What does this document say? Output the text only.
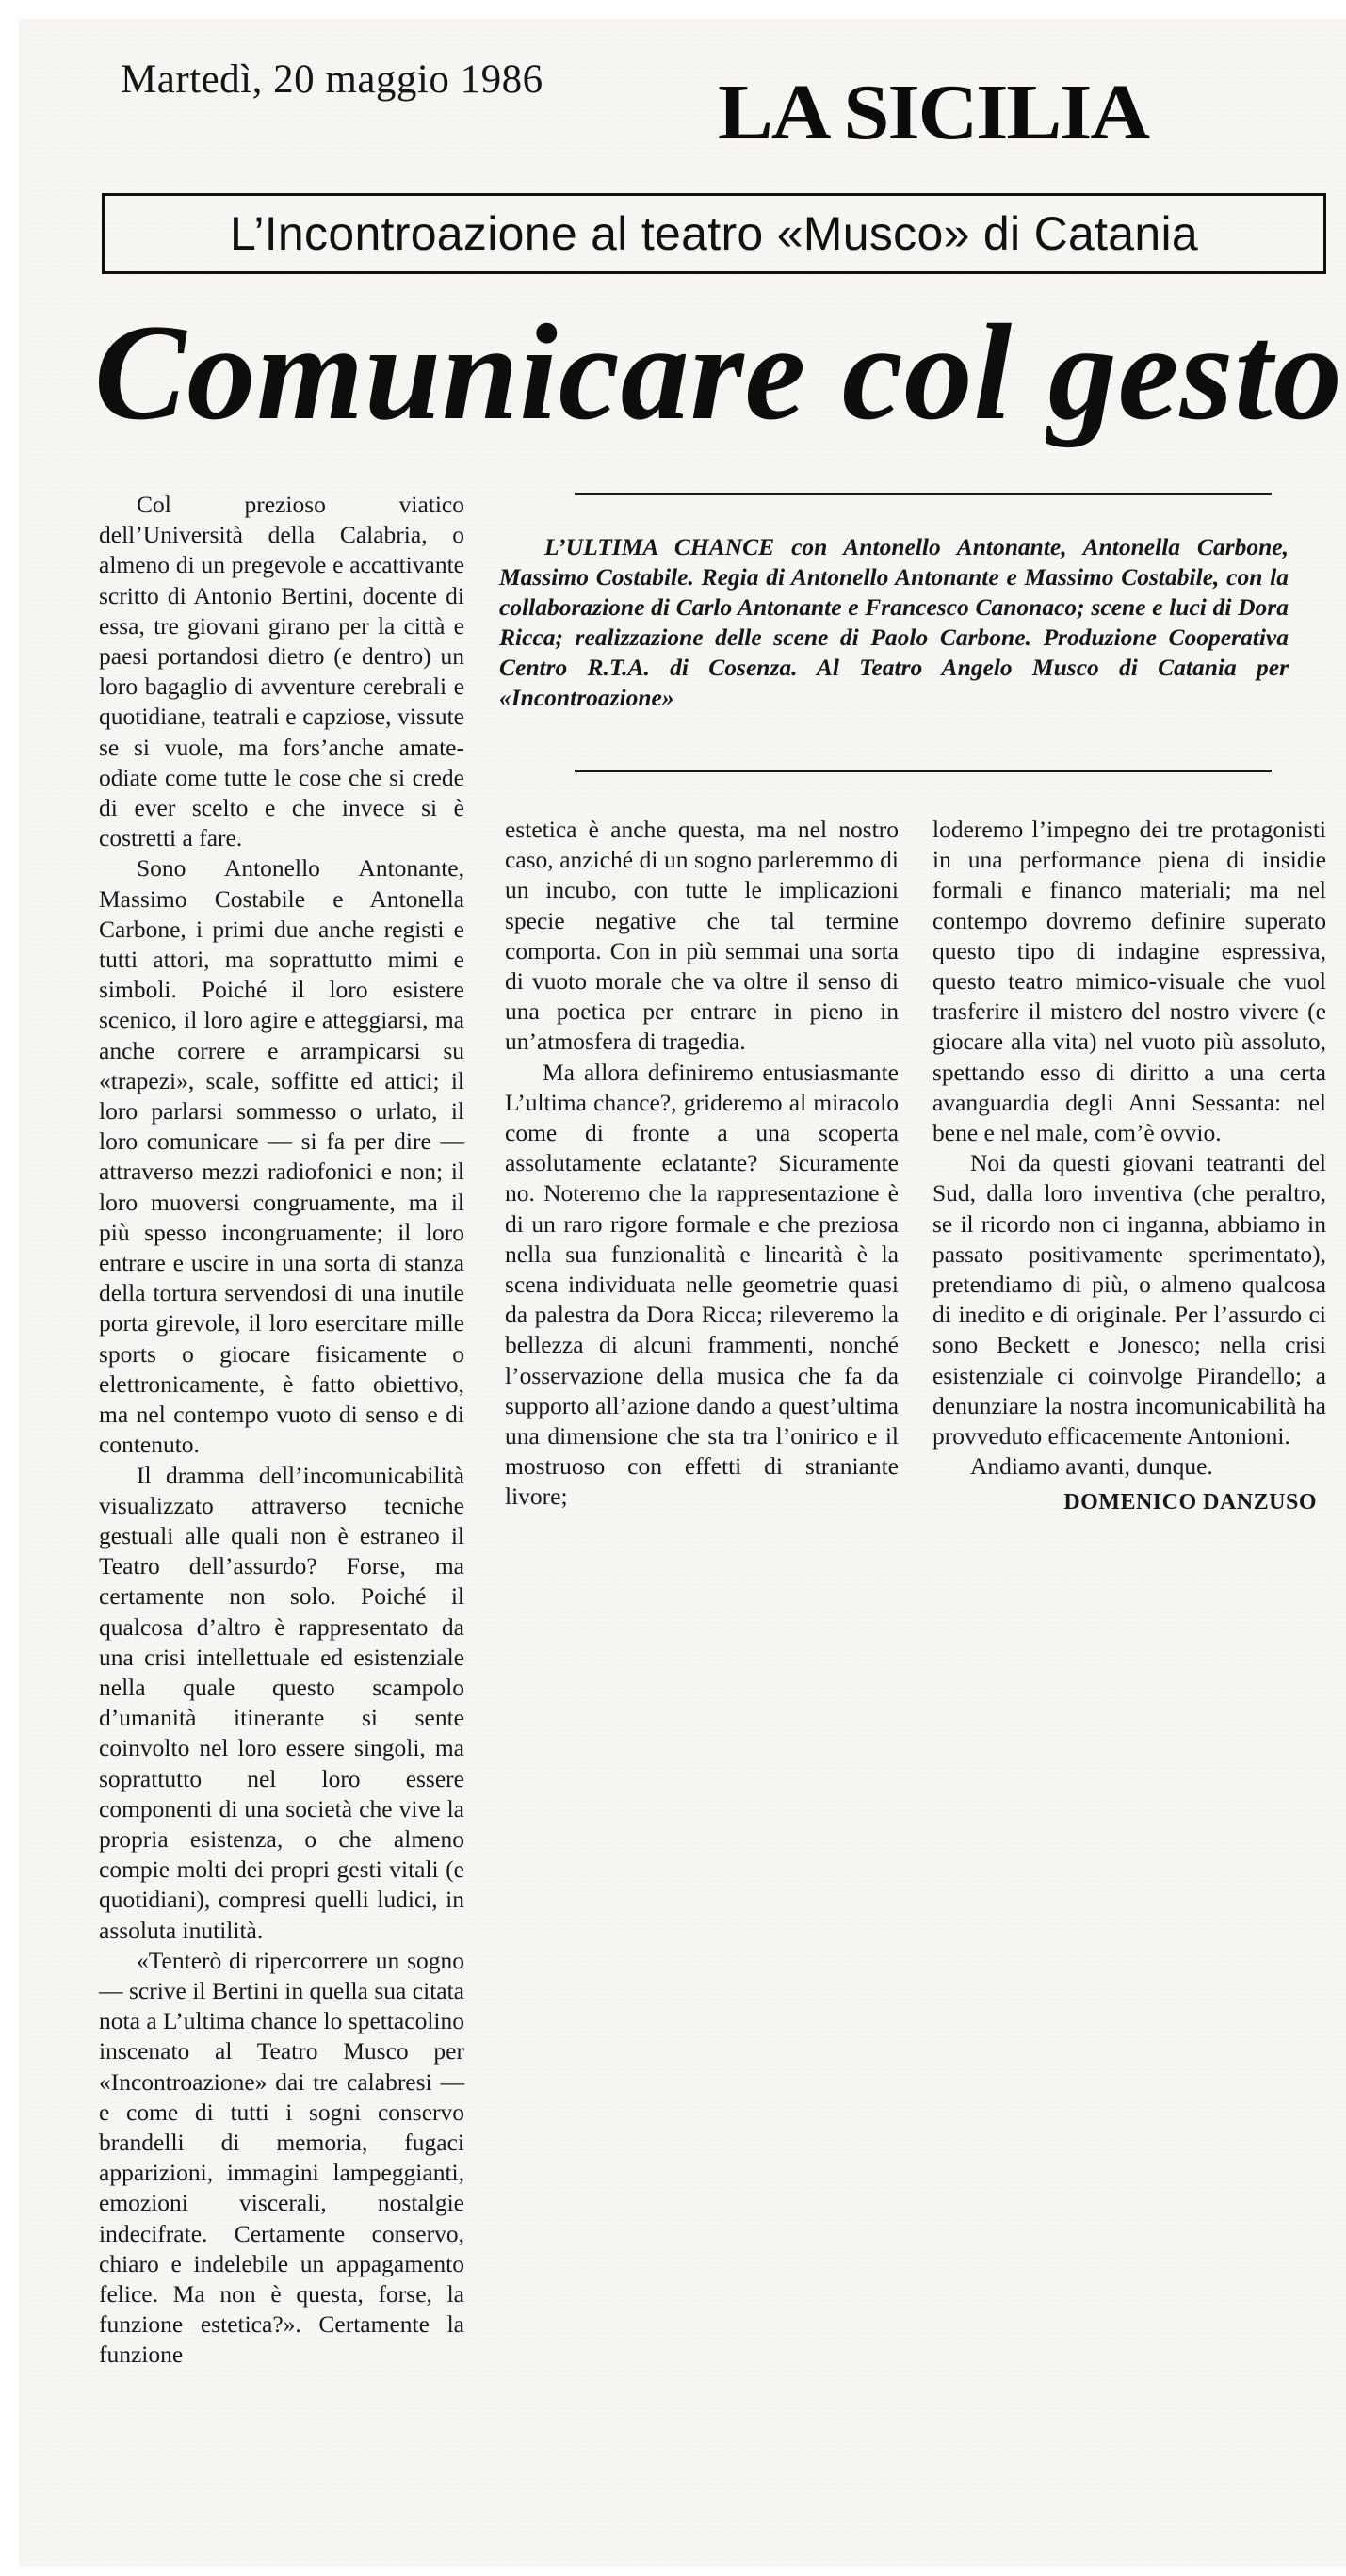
Martedì, 20 maggio 1986	LA SICILIA
L’Incontroazione al teatro «Musco» di Catania
Comunicare col gesto
L’ULTIMA CHANCE con Antonello Antonante, Antonella Carbone, Massimo Costabile. Regia di Antonello Antonante e Massimo Costabile, con la collaborazione di Carlo Antonante e Francesco Canonaco; scene e luci di Dora Ricca; realizzazione delle scene di Paolo Carbone. Produzione Cooperativa Centro R.T.A. di Cosenza. Al Teatro Angelo Musco di Catania per «Incontroazione»

Col prezioso viatico dell’Università della Calabria, o almeno di un pregevole e accattivante scritto di Antonio Bertini, docente di essa, tre giovani girano per la città e paesi portandosi dietro (e dentro) un loro bagaglio di avventure cerebrali e quotidiane, teatrali e capziose, vissute se si vuole, ma fors’anche amate-odiate come tutte le cose che si crede di ever scelto e che invece si è costretti a fare.

Sono Antonello Antonante, Massimo Costabile e Antonella Carbone, i primi due anche registi e tutti attori, ma soprattutto mimi e simboli. Poiché il loro esistere scenico, il loro agire e atteggiarsi, ma anche correre e arrampicarsi su «trapezi», scale, soffitte ed attici; il loro parlarsi sommesso o urlato, il loro comunicare — si fa per dire — attraverso mezzi radiofonici e non; il loro muoversi congruamente, ma il più spesso incongruamente; il loro entrare e uscire in una sorta di stanza della tortura servendosi di una inutile porta girevole, il loro esercitare mille sports o giocare fisicamente o elettronicamente, è fatto obiettivo, ma nel contempo vuoto di senso e di contenuto.

Il dramma dell’incomunicabilità visualizzato attraverso tecniche gestuali alle quali non è estraneo il Teatro dell’assurdo? Forse, ma certamente non solo. Poiché il qualcosa d’altro è rappresentato da una crisi intellettuale ed esistenziale nella quale questo scampolo d’umanità itinerante si sente coinvolto nel loro essere singoli, ma soprattutto nel loro essere componenti di una società che vive la propria esistenza, o che almeno compie molti dei propri gesti vitali (e quotidiani), compresi quelli ludici, in assoluta inutilità.

«Tenterò di ripercorrere un sogno — scrive il Bertini in quella sua citata nota a L’ultima chance lo spettacolino inscenato al Teatro Musco per «Incontroazione» dai tre calabresi — e come di tutti i sogni conservo brandelli di memoria, fugaci apparizioni, immagini lampeggianti, emozioni viscerali, nostalgie indecifrate. Certamente conservo, chiaro e indelebile un appagamento felice. Ma non è questa, forse, la funzione estetica?». Certamente la funzione

estetica è anche questa, ma nel nostro caso, anziché di un sogno parleremmo di un incubo, con tutte le implicazioni specie negative che tal termine comporta. Con in più semmai una sorta di vuoto morale che va oltre il senso di una poetica per entrare in pieno in un’atmosfera di tragedia.

Ma allora definiremo entusiasmante L’ultima chance?, grideremo al miracolo come di fronte a una scoperta assolutamente eclatante? Sicuramente no. Noteremo che la rappresentazione è di un raro rigore formale e che preziosa nella sua funzionalità e linearità è la scena individuata nelle geometrie quasi da palestra da Dora Ricca; rileveremo la bellezza di alcuni frammenti, nonché l’osservazione della musica che fa da supporto all’azione dando a quest’ultima una dimensione che sta tra l’onirico e il mostruoso con effetti di straniante livore;

loderemo l’impegno dei tre protagonisti in una performance piena di insidie formali e financo materiali; ma nel contempo dovremo definire superato questo tipo di indagine espressiva, questo teatro mimico-visuale che vuol trasferire il mistero del nostro vivere (e giocare alla vita) nel vuoto più assoluto, spettando esso di diritto a una certa avanguardia degli Anni Sessanta: nel bene e nel male, com’è ovvio.

Noi da questi giovani teatranti del Sud, dalla loro inventiva (che peraltro, se il ricordo non ci inganna, abbiamo in passato positivamente sperimentato), pretendiamo di più, o almeno qualcosa di inedito e di originale. Per l’assurdo ci sono Beckett e Jonesco; nella crisi esistenziale ci coinvolge Pirandello; a denunziare la nostra incomunicabilità ha provveduto efficacemente Antonioni.

Andiamo avanti, dunque.

DOMENICO DANZUSO
